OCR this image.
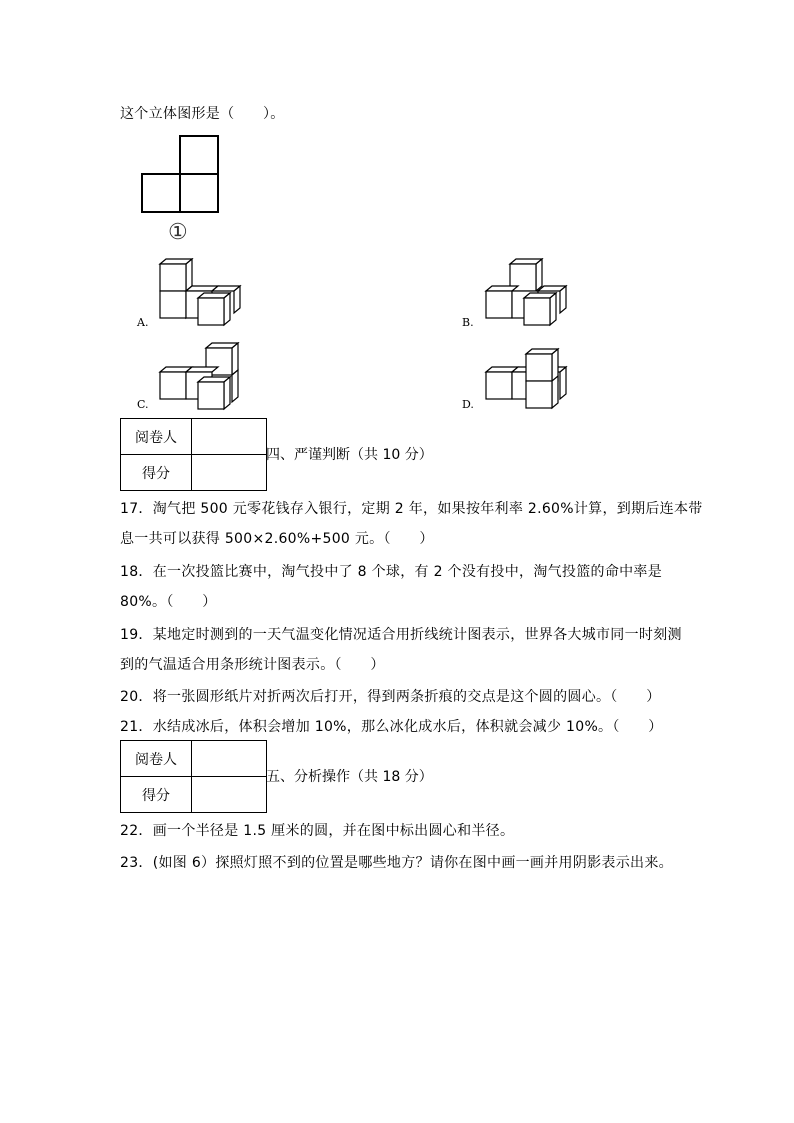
这个立体图形是（　　）。
①
A.	B.
C.	D.
阅卷人	
得分	
四、严谨判断（共 10 分）
17．淘气把 500 元零花钱存入银行，定期 2 年，如果按年利率 2.60%计算，到期后连本带
息一共可以获得 500×2.60%+500 元。（　　）
18．在一次投篮比赛中，淘气投中了 8 个球，有 2 个没有投中，淘气投篮的命中率是
80%。（　　）
19．某地定时测到的一天气温变化情况适合用折线统计图表示，世界各大城市同一时刻测
到的气温适合用条形统计图表示。（　　）
20．将一张圆形纸片对折两次后打开，得到两条折痕的交点是这个圆的圆心。（　　）
21．水结成冰后，体积会增加 10%，那么冰化成水后，体积就会减少 10%。（　　）
阅卷人	
得分	
五、分析操作（共 18 分）
22．画一个半径是 1.5 厘米的圆，并在图中标出圆心和半径。
23．(如图 6）探照灯照不到的位置是哪些地方？请你在图中画一画并用阴影表示出来。
